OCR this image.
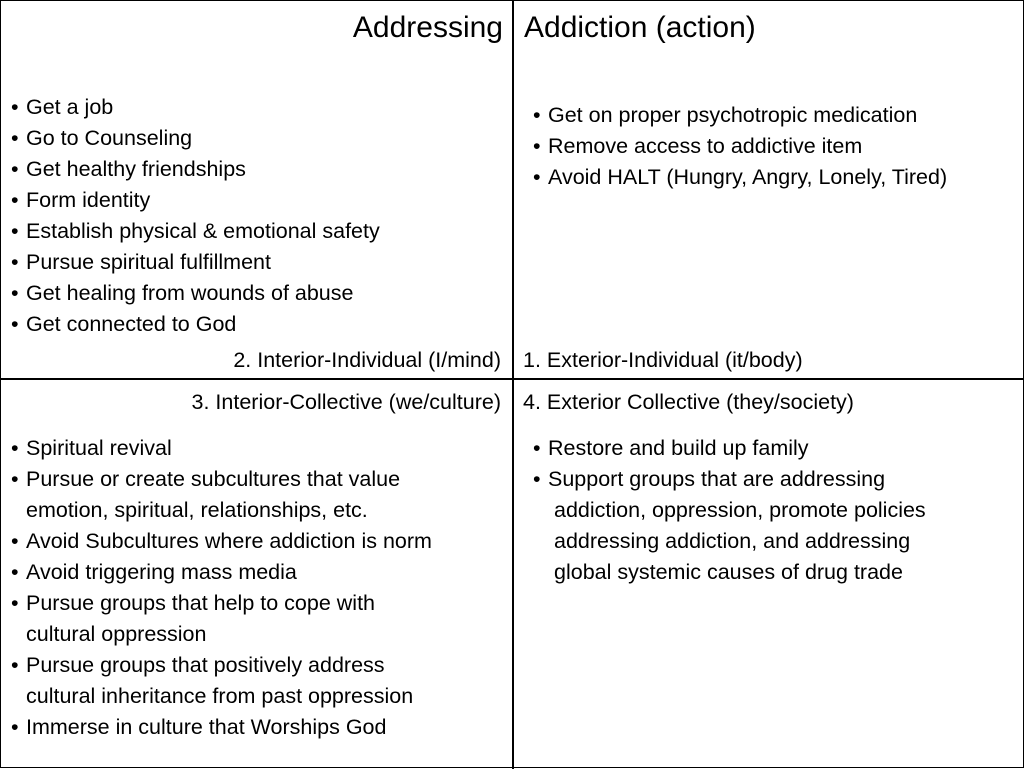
Addressing Addiction (action)
• Get a job
• Go to Counseling
• Get healthy friendships
• Form identity
• Establish physical & emotional safety
• Pursue spiritual fulfillment
• Get healing from wounds of abuse
• Get connected to God
2. Interior-Individual (I/mind)
• Get on proper psychotropic medication
• Remove access to addictive item
• Avoid HALT (Hungry, Angry, Lonely, Tired)
1. Exterior-Individual (it/body)
3. Interior-Collective (we/culture)
• Spiritual revival
• Pursue or create subcultures that value
emotion, spiritual, relationships, etc.
• Avoid Subcultures where addiction is norm
• Avoid triggering mass media
• Pursue groups that help to cope with
cultural oppression
• Pursue groups that positively address
cultural inheritance from past oppression
• Immerse in culture that Worships God
4. Exterior Collective (they/society)
• Restore and build up family
• Support groups that are addressing
addiction, oppression, promote policies
addressing addiction, and addressing
global systemic causes of drug trade
